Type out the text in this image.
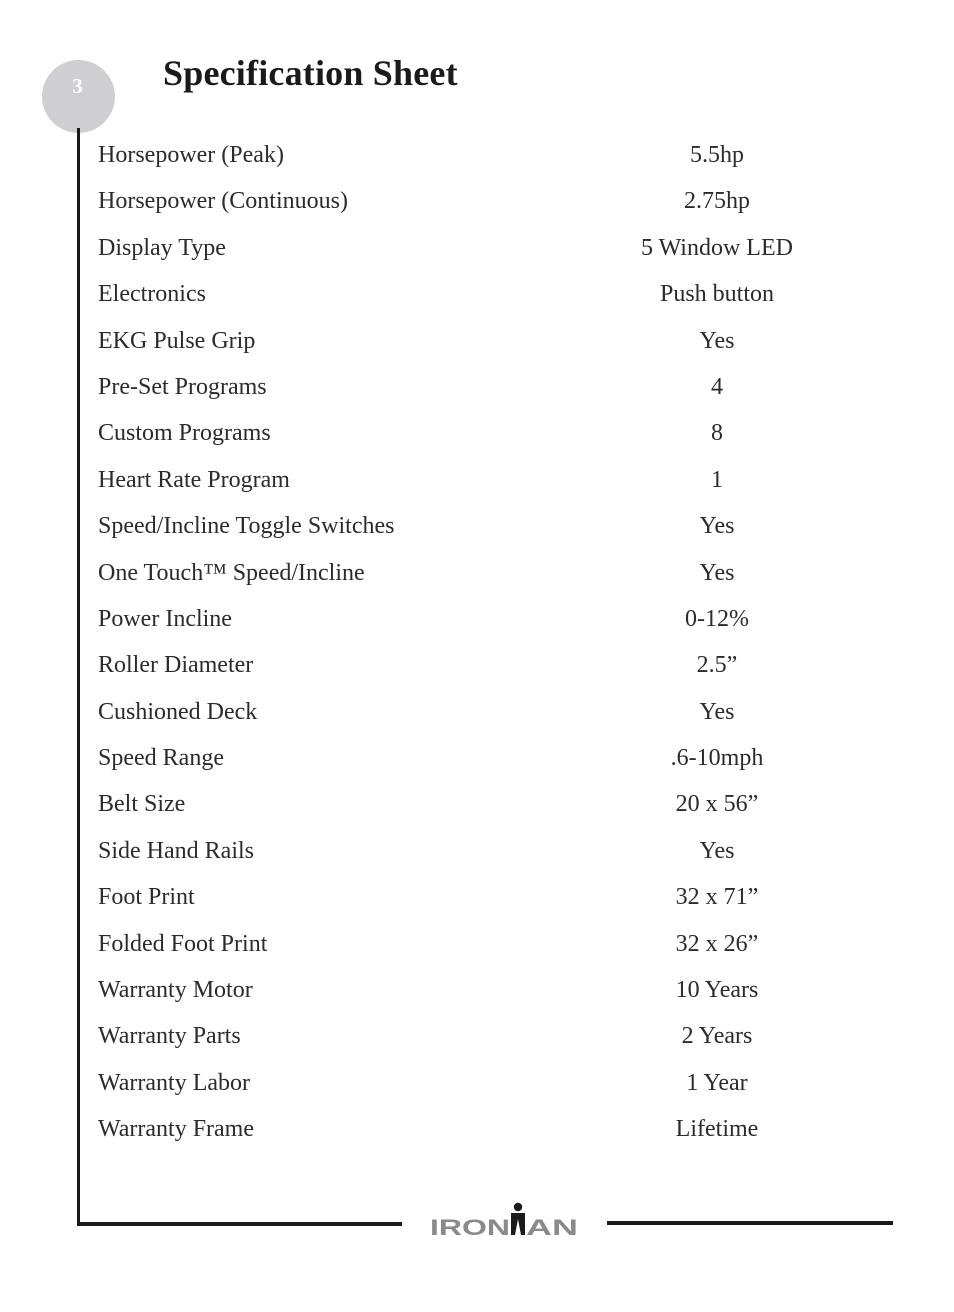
3 Specification Sheet
Horsepower (Peak)	5.5hp
Horsepower (Continuous)	2.75hp
Display Type	5 Window LED
Electronics	Push button
EKG Pulse Grip	Yes
Pre-Set Programs	4
Custom Programs	8
Heart Rate Program	1
Speed/Incline Toggle Switches	Yes
One Touch™ Speed/Incline	Yes
Power Incline	0-12%
Roller Diameter	2.5”
Cushioned Deck	Yes
Speed Range	.6-10mph
Belt Size	20 x 56”
Side Hand Rails	Yes
Foot Print	32 x 71”
Folded Foot Print	32 x 26”
Warranty Motor	10 Years
Warranty Parts	2 Years
Warranty Labor	1 Year
Warranty Frame	Lifetime
IRON AN
